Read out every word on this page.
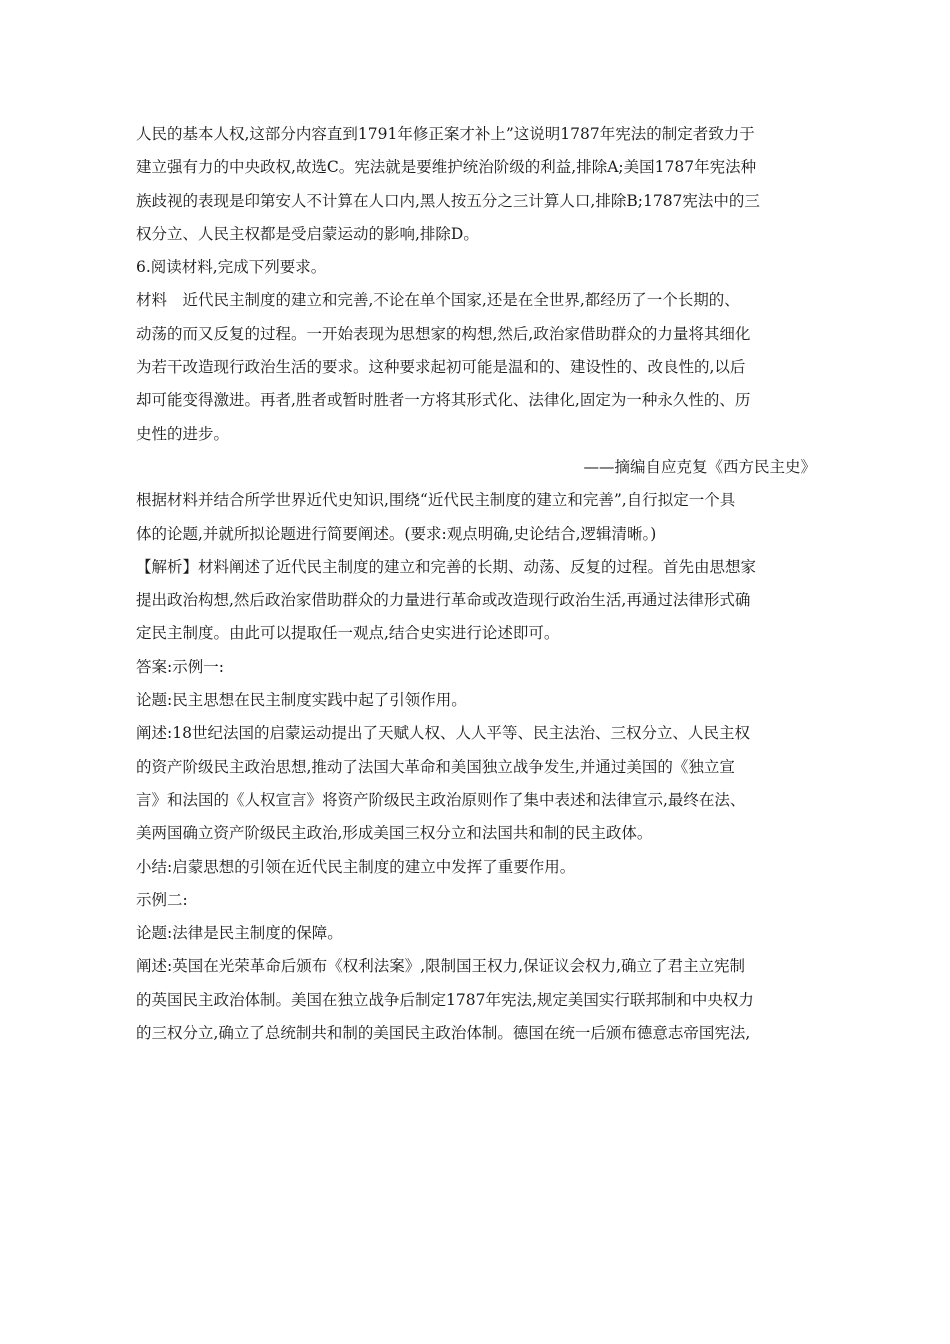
人民的基本人权,这部分内容直到1791年修正案才补上”这说明1787年宪法的制定者致力于
建立强有力的中央政权,故选C。宪法就是要维护统治阶级的利益,排除A;美国1787年宪法种
族歧视的表现是印第安人不计算在人口内,黑人按五分之三计算人口,排除B;1787宪法中的三
权分立、人民主权都是受启蒙运动的影响,排除D。
6.阅读材料,完成下列要求。
材料　近代民主制度的建立和完善,不论在单个国家,还是在全世界,都经历了一个长期的、
动荡的而又反复的过程。一开始表现为思想家的构想,然后,政治家借助群众的力量将其细化
为若干改造现行政治生活的要求。这种要求起初可能是温和的、建设性的、改良性的,以后
却可能变得激进。再者,胜者或暂时胜者一方将其形式化、法律化,固定为一种永久性的、历
史性的进步。
——摘编自应克复《西方民主史》
根据材料并结合所学世界近代史知识,围绕“近代民主制度的建立和完善”,自行拟定一个具
体的论题,并就所拟论题进行简要阐述。(要求:观点明确,史论结合,逻辑清晰。)
【解析】材料阐述了近代民主制度的建立和完善的长期、动荡、反复的过程。首先由思想家
提出政治构想,然后政治家借助群众的力量进行革命或改造现行政治生活,再通过法律形式确
定民主制度。由此可以提取任一观点,结合史实进行论述即可。
答案:示例一:
论题:民主思想在民主制度实践中起了引领作用。
阐述:18世纪法国的启蒙运动提出了天赋人权、人人平等、民主法治、三权分立、人民主权
的资产阶级民主政治思想,推动了法国大革命和美国独立战争发生,并通过美国的《独立宣
言》和法国的《人权宣言》将资产阶级民主政治原则作了集中表述和法律宣示,最终在法、
美两国确立资产阶级民主政治,形成美国三权分立和法国共和制的民主政体。
小结:启蒙思想的引领在近代民主制度的建立中发挥了重要作用。
示例二:
论题:法律是民主制度的保障。
阐述:英国在光荣革命后颁布《权利法案》,限制国王权力,保证议会权力,确立了君主立宪制
的英国民主政治体制。美国在独立战争后制定1787年宪法,规定美国实行联邦制和中央权力
的三权分立,确立了总统制共和制的美国民主政治体制。德国在统一后颁布德意志帝国宪法,
